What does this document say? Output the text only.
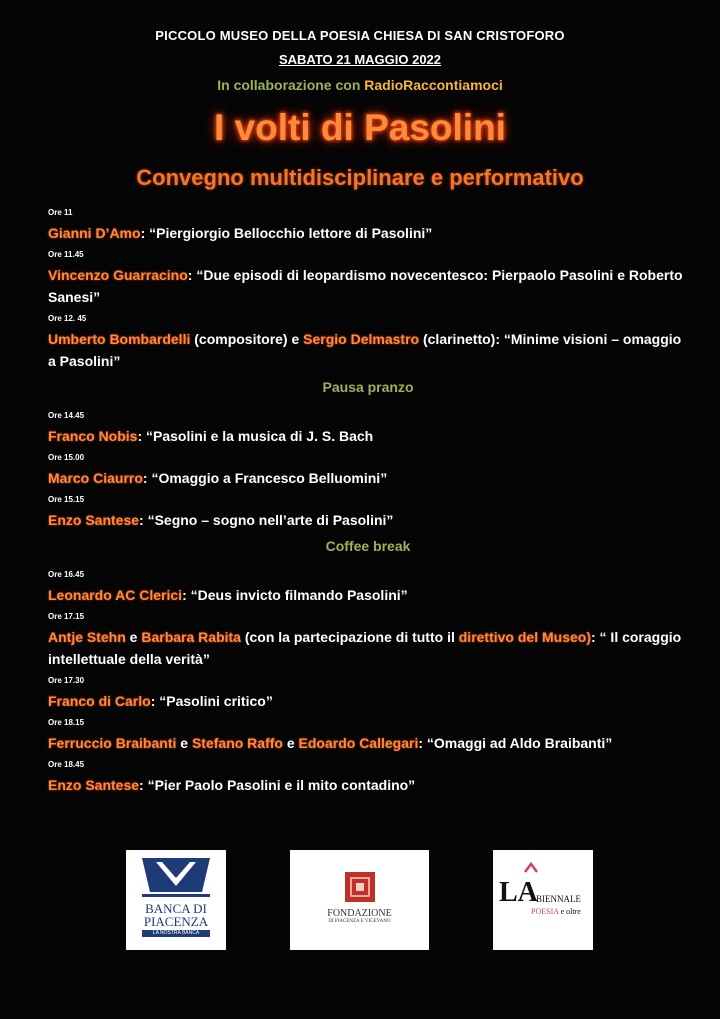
PICCOLO MUSEO DELLA POESIA CHIESA DI SAN CRISTOFORO
SABATO 21 MAGGIO 2022
In collaborazione con RadioRaccontiamoci
I volti di Pasolini
Convegno multidisciplinare e performativo
Ore 11
Gianni D’Amo: “Piergiorgio Bellocchio lettore di Pasolini”
Ore 11.45
Vincenzo Guarracino: “Due episodi di leopardismo novecentesco: Pierpaolo Pasolini e Roberto Sanesi”
Ore 12. 45
Umberto Bombardelli (compositore) e Sergio Delmastro (clarinetto): “Minime visioni – omaggio a Pasolini”
Pausa pranzo
Ore 14.45
Franco Nobis: “Pasolini e la musica di J. S. Bach
Ore 15.00
Marco Ciaurro: “Omaggio a Francesco Belluomini”
Ore 15.15
Enzo Santese: “Segno – sogno nell’arte di Pasolini”
Coffee break
Ore 16.45
Leonardo AC Clerici: “Deus invicto filmando Pasolini”
Ore 17.15
Antje Stehn e Barbara Rabita (con la partecipazione di tutto il direttivo del Museo): “ Il coraggio intellettuale della verità”
Ore 17.30
Franco di Carlo: “Pasolini critico”
Ore 18.15
Ferruccio Braibanti e Stefano Raffo e Edoardo Callegari: “Omaggi ad Aldo Braibanti”
Ore 18.45
Enzo Santese: “Pier Paolo Pasolini e il mito contadino”
BANCA DI
PIACENZA
LA NOSTRA BANCA
FONDAZIONE
DI PIACENZA E VIGEVANO
LA
BIENNALE
POESIA e oltre
